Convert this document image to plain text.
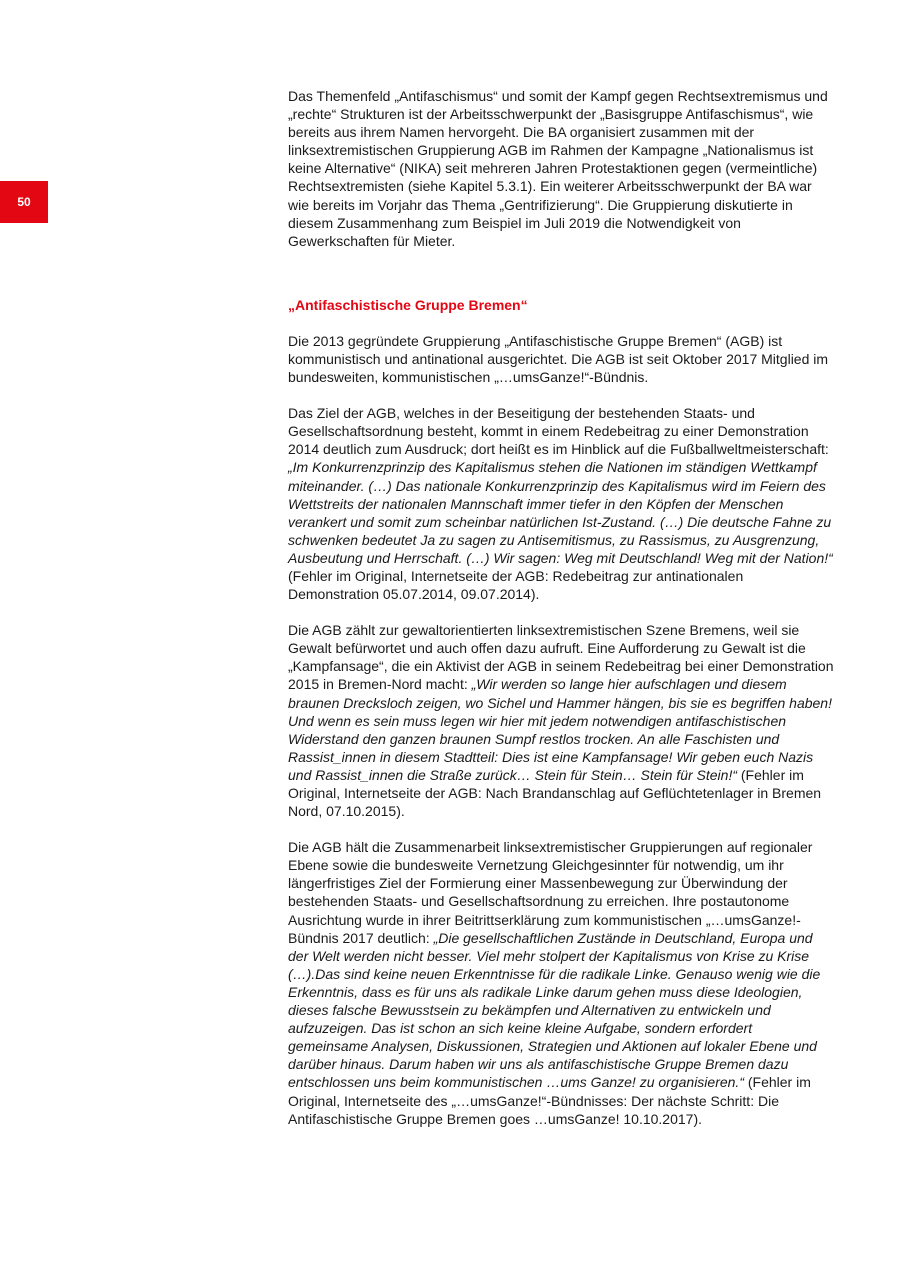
50

Das Themenfeld „Antifaschismus“ und somit der Kampf gegen Rechtsextremismus und „rechte“ Strukturen ist der Arbeitsschwerpunkt der „Basisgruppe Antifaschismus“, wie bereits aus ihrem Namen hervorgeht. Die BA organisiert zusammen mit der linksextremistischen Gruppierung AGB im Rahmen der Kampagne „Nationalismus ist keine Alternative“ (NIKA) seit mehreren Jahren Protestaktionen gegen (vermeintliche) Rechtsextremisten (siehe Kapitel 5.3.1). Ein weiterer Arbeitsschwerpunkt der BA war wie bereits im Vorjahr das Thema „Gentrifizierung“. Die Gruppierung diskutierte in diesem Zusammenhang zum Beispiel im Juli 2019 die Notwendigkeit von Gewerkschaften für Mieter.

„Antifaschistische Gruppe Bremen“

Die 2013 gegründete Gruppierung „Antifaschistische Gruppe Bremen“ (AGB) ist kommunistisch und antinational ausgerichtet. Die AGB ist seit Oktober 2017 Mitglied im bundesweiten, kommunistischen „…umsGanze!“-Bündnis.

Das Ziel der AGB, welches in der Beseitigung der bestehenden Staats- und Gesellschaftsordnung besteht, kommt in einem Redebeitrag zu einer Demonstration 2014 deutlich zum Ausdruck; dort heißt es im Hinblick auf die Fußballweltmeisterschaft: „Im Konkurrenzprinzip des Kapitalismus stehen die Nationen im ständigen Wettkampf miteinander. (…) Das nationale Konkurrenzprinzip des Kapitalismus wird im Feiern des Wettstreits der nationalen Mannschaft immer tiefer in den Köpfen der Menschen verankert und somit zum scheinbar natürlichen Ist-Zustand. (…) Die deutsche Fahne zu schwenken bedeutet Ja zu sagen zu Antisemitismus, zu Rassismus, zu Ausgrenzung, Ausbeutung und Herrschaft. (…) Wir sagen: Weg mit Deutschland! Weg mit der Nation!“ (Fehler im Original, Internetseite der AGB: Redebeitrag zur antinationalen Demonstration 05.07.2014, 09.07.2014).

Die AGB zählt zur gewaltorientierten linksextremistischen Szene Bremens, weil sie Gewalt befürwortet und auch offen dazu aufruft. Eine Aufforderung zu Gewalt ist die „Kampfansage“, die ein Aktivist der AGB in seinem Redebeitrag bei einer Demonstration 2015 in Bremen-Nord macht: „Wir werden so lange hier aufschlagen und diesem braunen Drecksloch zeigen, wo Sichel und Hammer hängen, bis sie es begriffen haben! Und wenn es sein muss legen wir hier mit jedem notwendigen antifaschistischen Widerstand den ganzen braunen Sumpf restlos trocken. An alle Faschisten und Rassist_innen in diesem Stadtteil: Dies ist eine Kampfansage! Wir geben euch Nazis und Rassist_innen die Straße zurück… Stein für Stein… Stein für Stein!“ (Fehler im Original, Internetseite der AGB: Nach Brandanschlag auf Geflüchtetenlager in Bremen Nord, 07.10.2015).

Die AGB hält die Zusammenarbeit linksextremistischer Gruppierungen auf regionaler Ebene sowie die bundesweite Vernetzung Gleichgesinnter für notwendig, um ihr längerfristiges Ziel der Formierung einer Massenbewegung zur Überwindung der bestehenden Staats- und Gesellschaftsordnung zu erreichen. Ihre postautonome Ausrichtung wurde in ihrer Beitrittserklärung zum kommunistischen „…umsGanze!-Bündnis 2017 deutlich: „Die gesellschaftlichen Zustände in Deutschland, Europa und der Welt werden nicht besser. Viel mehr stolpert der Kapitalismus von Krise zu Krise (…).Das sind keine neuen Erkenntnisse für die radikale Linke. Genauso wenig wie die Erkenntnis, dass es für uns als radikale Linke darum gehen muss diese Ideologien, dieses falsche Bewusstsein zu bekämpfen und Alternativen zu entwickeln und aufzuzeigen. Das ist schon an sich keine kleine Aufgabe, sondern erfordert gemeinsame Analysen, Diskussionen, Strategien und Aktionen auf lokaler Ebene und darüber hinaus. Darum haben wir uns als antifaschistische Gruppe Bremen dazu entschlossen uns beim kommunistischen …ums Ganze! zu organisieren.“ (Fehler im Original, Internetseite des „…umsGanze!“-Bündnisses: Der nächste Schritt: Die Antifaschistische Gruppe Bremen goes …umsGanze! 10.10.2017).
